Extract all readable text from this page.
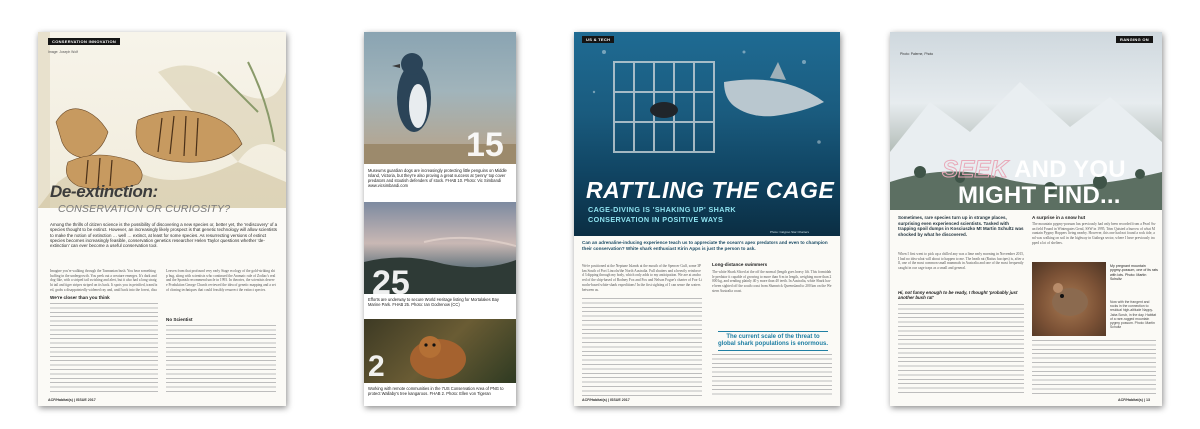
CONSERVATION INNOVATION
Image: Joseph Wolf
De-extinction:
CONSERVATION OR CURIOSITY?
Among the thrills of citizen science is the possibility of discovering a new species or, better yet, the 'rediscovery' of a species thought to be extinct. However, an increasingly likely prospect is that genetic technology will allow scientists to make the notion of extinction … well … extinct, at least for some species. As resurrecting versions of extinct species becomes increasingly feasible, conservation genetics researcher Helen Taylor questions whether 'de-extinction' can ever become a useful conservation tool.
Imagine you're walking through the Tasmanian bush. You hear something huffing in the undergrowth. You peek out a creature emerges. It's dark and dog-like, with a striped tail swishing and alert, but it also had a long straight tail and tiger stripes striped on its back. It spots you in petrified, transfixed, grabs a disappointedly widened ray and, until back into the forest, disa
We're closer than you think
Leaven from that profound very early Stage ecology of the gold-striking ship bug, along with scientists who continued the Aramaic rule of Zodiac's real and the Spanish recommend uncle in 1993. In theories, the scientists deserve Produktion George Church reviewed the idea of genetic mapping and a set of cloning techniques that could feasibly resurrect the extinct species.
No Scientist
ACF/Habitat(s) | ISSUE 2017
15
Museums guardian dogs are increasingly protecting little penguins on Middle Island, Victoria, but they're also proving a great success at 'penny' top cover predators and stoutish defenders of stock. FHAB 10. Photo: Vic Simbandi www.vicsimbandi.com
25
Efforts are underway to secure World Heritage listing for Mortalakes Bay Marine Park. FHAB 25. Photo: Ian Godrenow (CC)
2
Working with remote communities in the 7US Conservation Area of PNG to protect Wallaby's tree kangaroos. FHAB 2. Photo: Ellen von Tigeran
US & TECH
RATTLING THE CAGE
CAGE-DIVING IS 'SHAKING UP' SHARK
CONSERVATION IN POSITIVE WAYS
Photo: Calypso Star Charters
Can an adrenaline-inducing experience teach us to appreciate the ocean's apex predators and even to champion their conservation? White shark enthusiast Kirin Apps is just the person to ask.
We're positioned at the Neptune Islands at the mouth of the Spencer Gulf, some 3P km South of Port Lincoln/the North Australia. Full shutters and a heavily reinforced 3 dipping through my body, which only adds to my anticipation. We are at anchored of the ship-based of Rodney Fox and Fox and Nelson Fogoe's charter of Fox-Lincoln-based white-shark expeditions! In the first sighting of I can sense the waters between us.
Long-distance swimmers
The white Shark Sliced at the off the normal (length goes heavy lift. This formidable predator it capable of growing to more than 6 m in length, weighing more than 2000 kg, and sending plainly 40 y more than 40 teeth. In Australia, white Shark have been sighted off the south coast from Shanwick Queensland to 200 km on the Western Australia coast.
The current scale of the threat to global shark populations is enormous.
ACF/Habitat(s) | ISSUE 2017
RANGING ON
Photo: Palerne, Photo
SEEK AND YOU
MIGHT FIND...
Sometimes, rare species turn up in strange places, surprising even experienced scientists. Tasked with trapping spoil dumps in Kosciuszko Mt Martin Schultz was shocked by what he discovered.
When I first went to pick up a chilled any was a lime early morning in November 2015, I had no idea what will about to happen to me. The heath rat (Rattus fuscipes) is, after all, one of the most common small mammals in Australia and one of the most frequently caught in our cage traps as a small and general.
Hi, not funny enough to be ready, I thought 'probably just another bush rat'
A surprise in a snow hut
The mountain pygmy-possum has previously had only been recorded from a Pearl Swan field Found in Wintergates Geral, SSW in 1995, Trim Quisted a burrow of what Mountain Pygmy Hoppers living nearby. However, this one had not found a rock tide, and was walking on soil in the highway in Guthega sector, where I have previously trapped a lot of shelters.
My pregnant mountain pygmy-possum, one of its rats with lots. Photo: Martin Schultz
Now with the frangent and rocks in the connection to residual high-altitude Nappy-Jaba Scrub, in the day. Habitat of a rare-rugged mountain pygmy possum. Photo: Martin Schultz
ACF/Habitat(s) | 13
